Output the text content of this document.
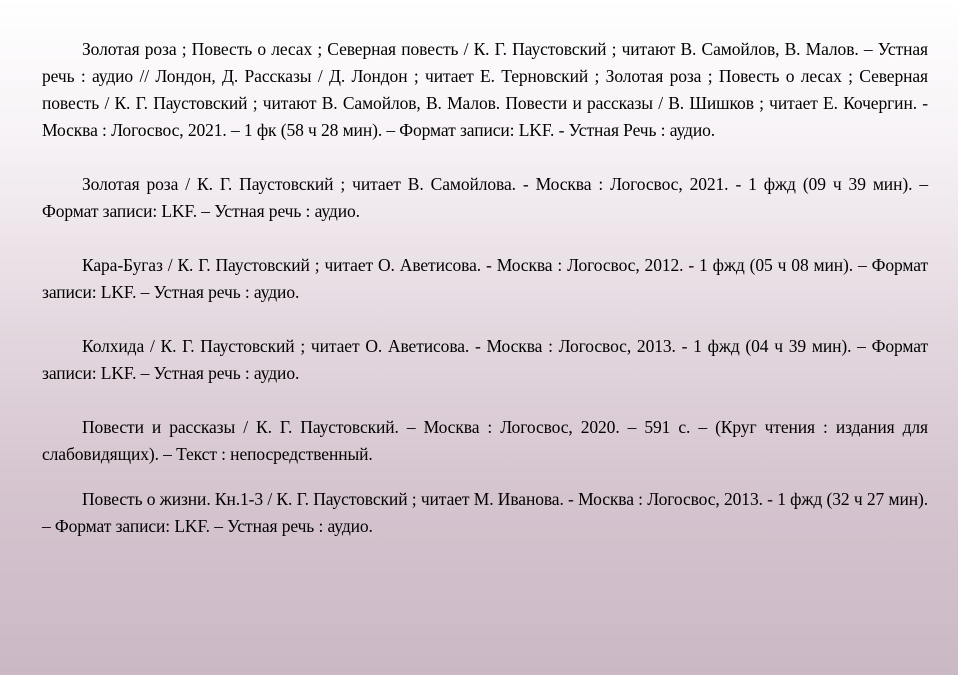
Золотая роза ; Повесть о лесах ; Северная повесть / К. Г. Паустовский ; читают В. Самойлов, В. Малов. – Устная речь : аудио // Лондон, Д. Рассказы / Д. Лондон ; читает Е. Терновский ; Золотая роза ; Повесть о лесах ; Северная повесть / К. Г. Паустовский ; читают В. Самойлов, В. Малов. Повести и рассказы / В. Шишков ; читает Е. Кочергин. - Москва : Логосвос, 2021. – 1 фк (58 ч 28 мин). – Формат записи: LKF. - Устная Речь : аудио.

Золотая роза / К. Г. Паустовский ; читает В. Самойлова. - Москва : Логосвос, 2021. - 1 фжд (09 ч 39 мин). – Формат записи: LKF. – Устная речь : аудио.

Кара-Бугаз / К. Г. Паустовский ; читает О. Аветисова. - Москва : Логосвос, 2012. - 1 фжд (05 ч 08 мин). – Формат записи: LKF. – Устная речь : аудио.

Колхида / К. Г. Паустовский ; читает О. Аветисова. - Москва : Логосвос, 2013. - 1 фжд (04 ч 39 мин). – Формат записи: LKF. – Устная речь : аудио.

Повести и рассказы / К. Г. Паустовский. – Москва : Логосвос, 2020. – 591 с. – (Круг чтения : издания для слабовидящих). – Текст : непосредственный.

Повесть о жизни. Кн.1-3 / К. Г. Паустовский ; читает М. Иванова. - Москва : Логосвос, 2013. - 1 фжд (32 ч 27 мин). – Формат записи: LKF. – Устная речь : аудио.
